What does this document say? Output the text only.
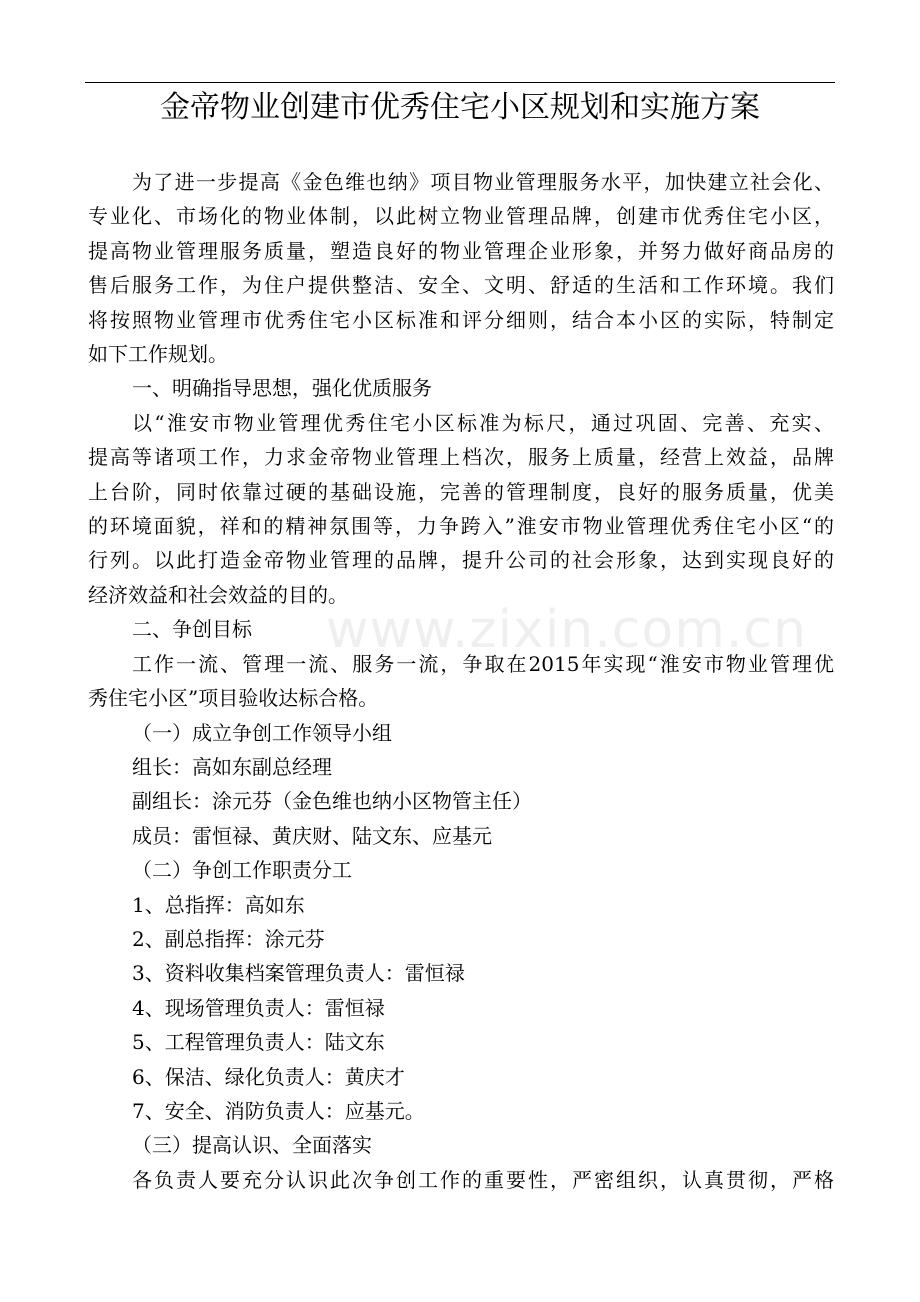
金帝物业创建市优秀住宅小区规划和实施方案
www.zixin.com.cn

为了进一步提高《金色维也纳》项目物业管理服务水平，加快建立社会化、

专业化、市场化的物业体制，以此树立物业管理品牌，创建市优秀住宅小区，

提高物业管理服务质量，塑造良好的物业管理企业形象，并努力做好商品房的

售后服务工作，为住户提供整洁、安全、文明、舒适的生活和工作环境。我们

将按照物业管理市优秀住宅小区标准和评分细则，结合本小区的实际，特制定

如下工作规划。

一、明确指导思想，强化优质服务

以“淮安市物业管理优秀住宅小区标准为标尺，通过巩固、完善、充实、

提高等诸项工作，力求金帝物业管理上档次，服务上质量，经营上效益，品牌

上台阶，同时依靠过硬的基础设施，完善的管理制度，良好的服务质量，优美

的环境面貌，祥和的精神氛围等，力争跨入”淮安市物业管理优秀住宅小区“的

行列。以此打造金帝物业管理的品牌，提升公司的社会形象，达到实现良好的

经济效益和社会效益的目的。

二、争创目标

工作一流、管理一流、服务一流，争取在2015年实现“淮安市物业管理优

秀住宅小区”项目验收达标合格。

（一）成立争创工作领导小组

组长：高如东副总经理

副组长：涂元芬（金色维也纳小区物管主任）

成员：雷恒禄、黄庆财、陆文东、应基元

（二）争创工作职责分工

1、总指挥：高如东

2、副总指挥：涂元芬

3、资料收集档案管理负责人：雷恒禄

4、现场管理负责人：雷恒禄

5、工程管理负责人：陆文东

6、保洁、绿化负责人：黄庆才

7、安全、消防负责人：应基元。

（三）提高认识、全面落实

各负责人要充分认识此次争创工作的重要性，严密组织，认真贯彻，严格
